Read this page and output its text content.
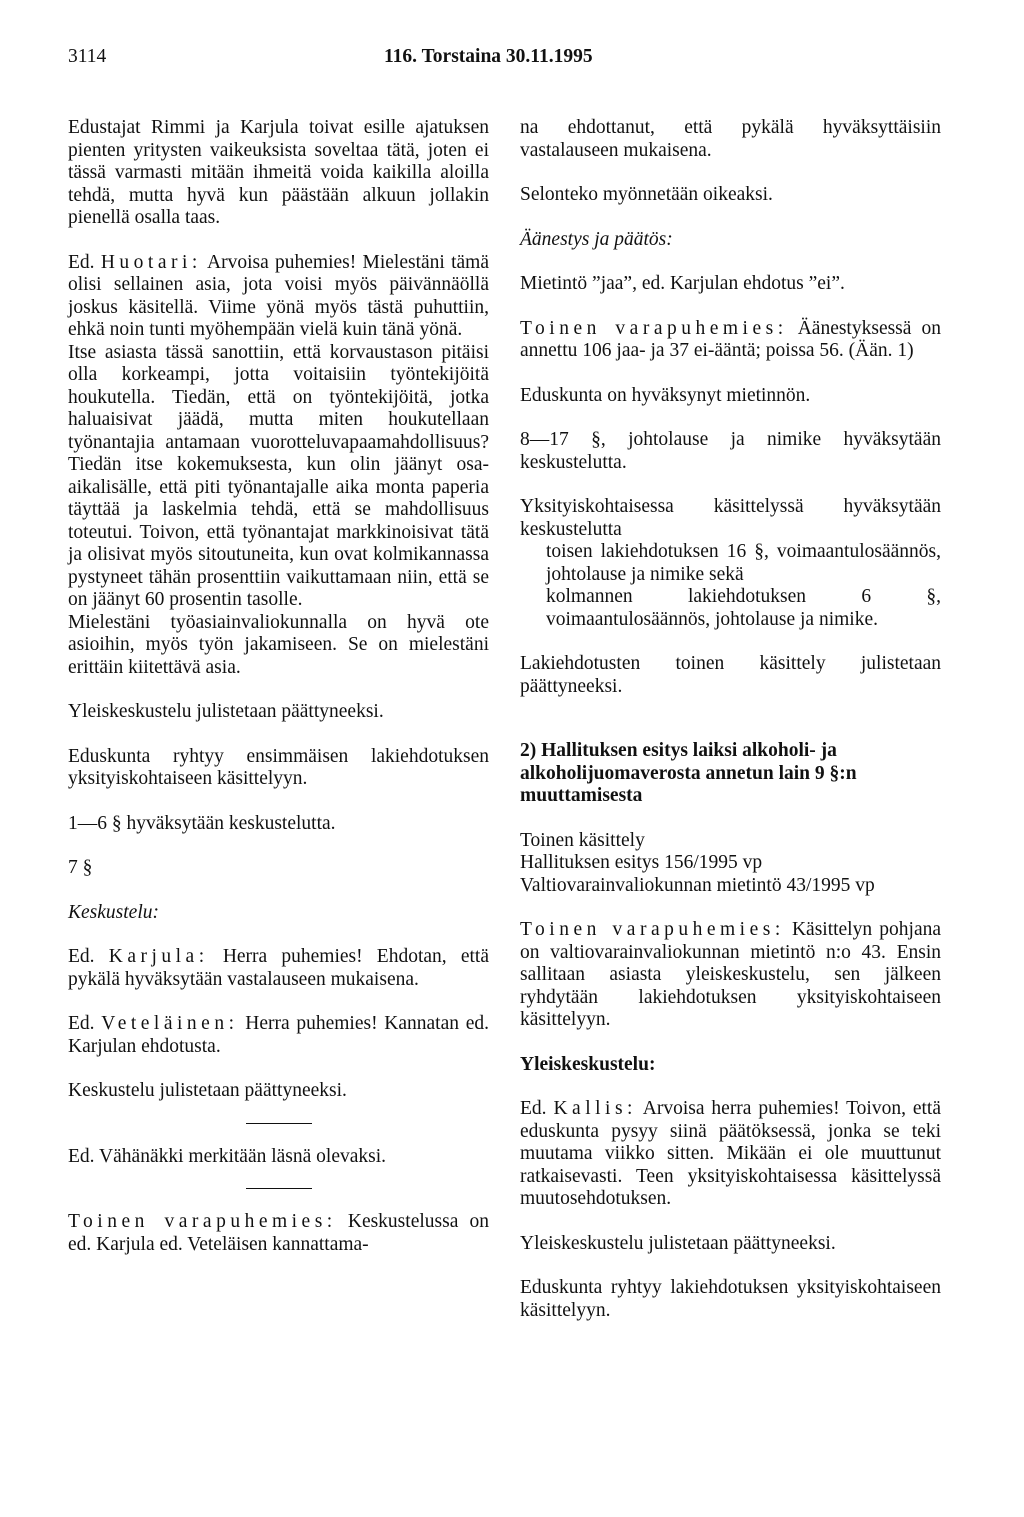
3114	116. Torstaina 30.11.1995

Edustajat Rimmi ja Karjula toivat esille ajatuksen pienten yritysten vaikeuksista soveltaa tätä, joten ei tässä varmasti mitään ihmeitä voida kaikilla aloilla tehdä, mutta hyvä kun päästään alkuun jollakin pienellä osalla taas.

Ed. Huotari: Arvoisa puhemies! Mielestäni tämä olisi sellainen asia, jota voisi myös päivännäöllä joskus käsitellä. Viime yönä myös tästä puhuttiin, ehkä noin tunti myöhempään vielä kuin tänä yönä.

Itse asiasta tässä sanottiin, että korvaustason pitäisi olla korkeampi, jotta voitaisiin työntekijöitä houkutella. Tiedän, että on työntekijöitä, jotka haluaisivat jäädä, mutta miten houkutellaan työnantajia antamaan vuorotteluvapaamahdollisuus? Tiedän itse kokemuksesta, kun olin jäänyt osa-aikalisälle, että piti työnantajalle aika monta paperia täyttää ja laskelmia tehdä, että se mahdollisuus toteutui. Toivon, että työnantajat markkinoisivat tätä ja olisivat myös sitoutuneita, kun ovat kolmikannassa pystyneet tähän prosenttiin vaikuttamaan niin, että se on jäänyt 60 prosentin tasolle.

Mielestäni työasiainvaliokunnalla on hyvä ote asioihin, myös työn jakamiseen. Se on mielestäni erittäin kiitettävä asia.

Yleiskeskustelu julistetaan päättyneeksi.

Eduskunta ryhtyy ensimmäisen lakiehdotuksen yksityiskohtaiseen käsittelyyn.

1—6 § hyväksytään keskustelutta.

7 §

Keskustelu:

Ed. Karjula: Herra puhemies! Ehdotan, että pykälä hyväksytään vastalauseen mukaisena.

Ed. Veteläinen: Herra puhemies! Kannatan ed. Karjulan ehdotusta.

Keskustelu julistetaan päättyneeksi.

Ed. Vähänäkki merkitään läsnä olevaksi.

Toinen varapuhemies: Keskustelussa on ed. Karjula ed. Veteläisen kannattama-

na ehdottanut, että pykälä hyväksyttäisiin vastalauseen mukaisena.

Selonteko myönnetään oikeaksi.

Äänestys ja päätös:

Mietintö ”jaa”, ed. Karjulan ehdotus ”ei”.

Toinen varapuhemies: Äänestyksessä on annettu 106 jaa- ja 37 ei-ääntä; poissa 56. (Ään. 1)

Eduskunta on hyväksynyt mietinnön.

8—17 §, johtolause ja nimike hyväksytään keskustelutta.

Yksityiskohtaisessa käsittelyssä hyväksytään keskustelutta

toisen lakiehdotuksen 16 §, voimaantulosäännös, johtolause ja nimike sekä

kolmannen lakiehdotuksen 6 §, voimaantulosäännös, johtolause ja nimike.

Lakiehdotusten toinen käsittely julistetaan päättyneeksi.

2) Hallituksen esitys laiksi alkoholi- ja alkoholijuomaverosta annetun lain 9 §:n muuttamisesta

Toinen käsittely

Hallituksen esitys 156/1995 vp

Valtiovarainvaliokunnan mietintö 43/1995 vp

Toinen varapuhemies: Käsittelyn pohjana on valtiovarainvaliokunnan mietintö n:o 43. Ensin sallitaan asiasta yleiskeskustelu, sen jälkeen ryhdytään lakiehdotuksen yksityiskohtaiseen käsittelyyn.

Yleiskeskustelu:

Ed. Kallis: Arvoisa herra puhemies! Toivon, että eduskunta pysyy siinä päätöksessä, jonka se teki muutama viikko sitten. Mikään ei ole muuttunut ratkaisevasti. Teen yksityiskohtaisessa käsittelyssä muutosehdotuksen.

Yleiskeskustelu julistetaan päättyneeksi.

Eduskunta ryhtyy lakiehdotuksen yksityiskohtaiseen käsittelyyn.
